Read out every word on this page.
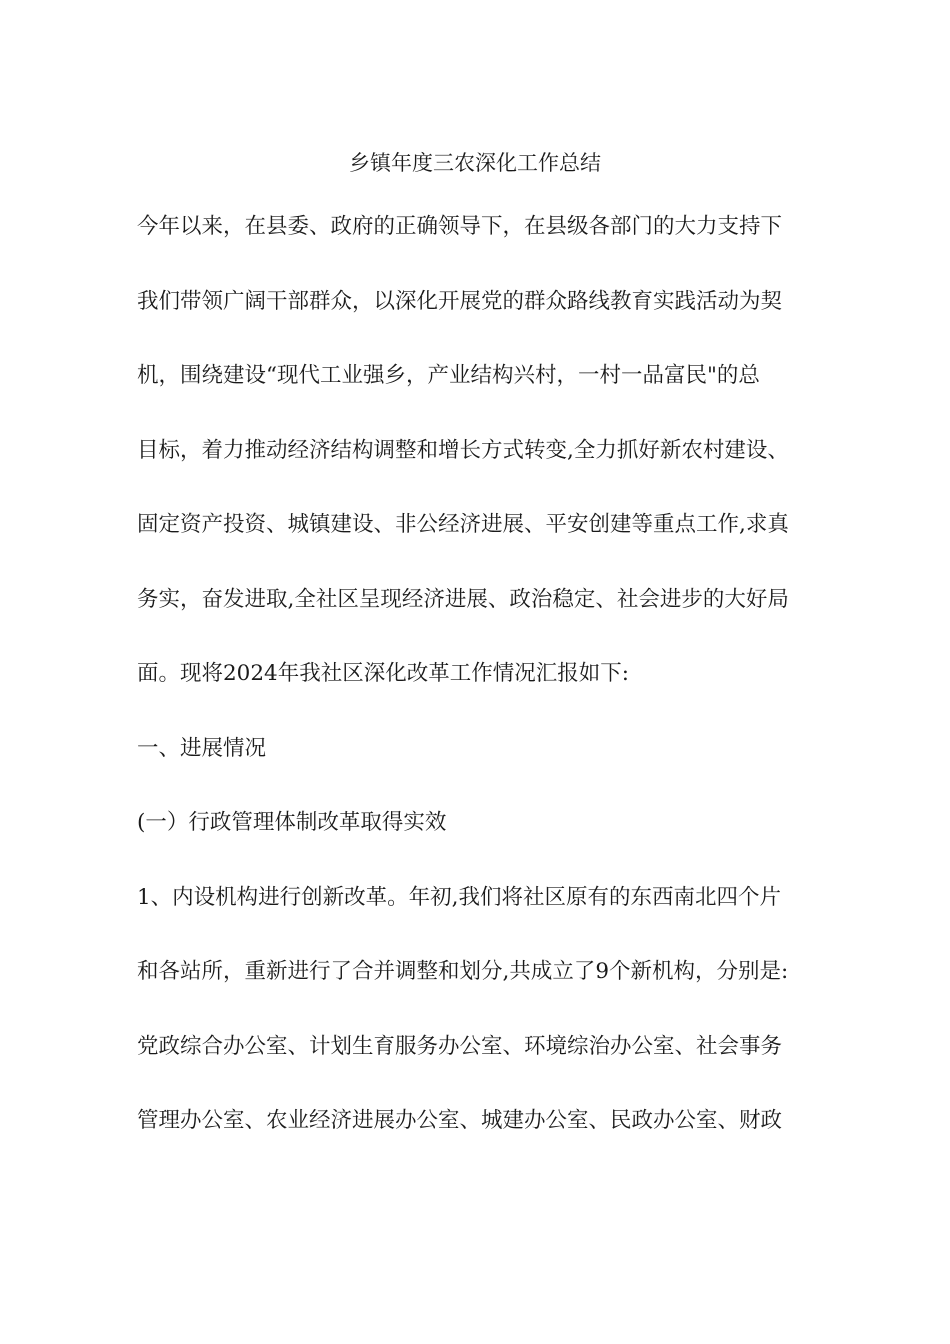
乡镇年度三农深化工作总结
今年以来，在县委、政府的正确领导下，在县级各部门的大力支持下
我们带领广阔干部群众，以深化开展党的群众路线教育实践活动为契
机，围绕建设“现代工业强乡，产业结构兴村，一村一品富民"的总
目标，着力推动经济结构调整和增长方式转变,全力抓好新农村建设、
固定资产投资、城镇建设、非公经济进展、平安创建等重点工作,求真
务实，奋发进取,全社区呈现经济进展、政治稳定、社会进步的大好局
面。现将2024年我社区深化改革工作情况汇报如下:
一、进展情况
(一）行政管理体制改革取得实效
1、内设机构进行创新改革。年初,我们将社区原有的东西南北四个片
和各站所，重新进行了合并调整和划分,共成立了9个新机构，分别是:
党政综合办公室、计划生育服务办公室、环境综治办公室、社会事务
管理办公室、农业经济进展办公室、城建办公室、民政办公室、财政
